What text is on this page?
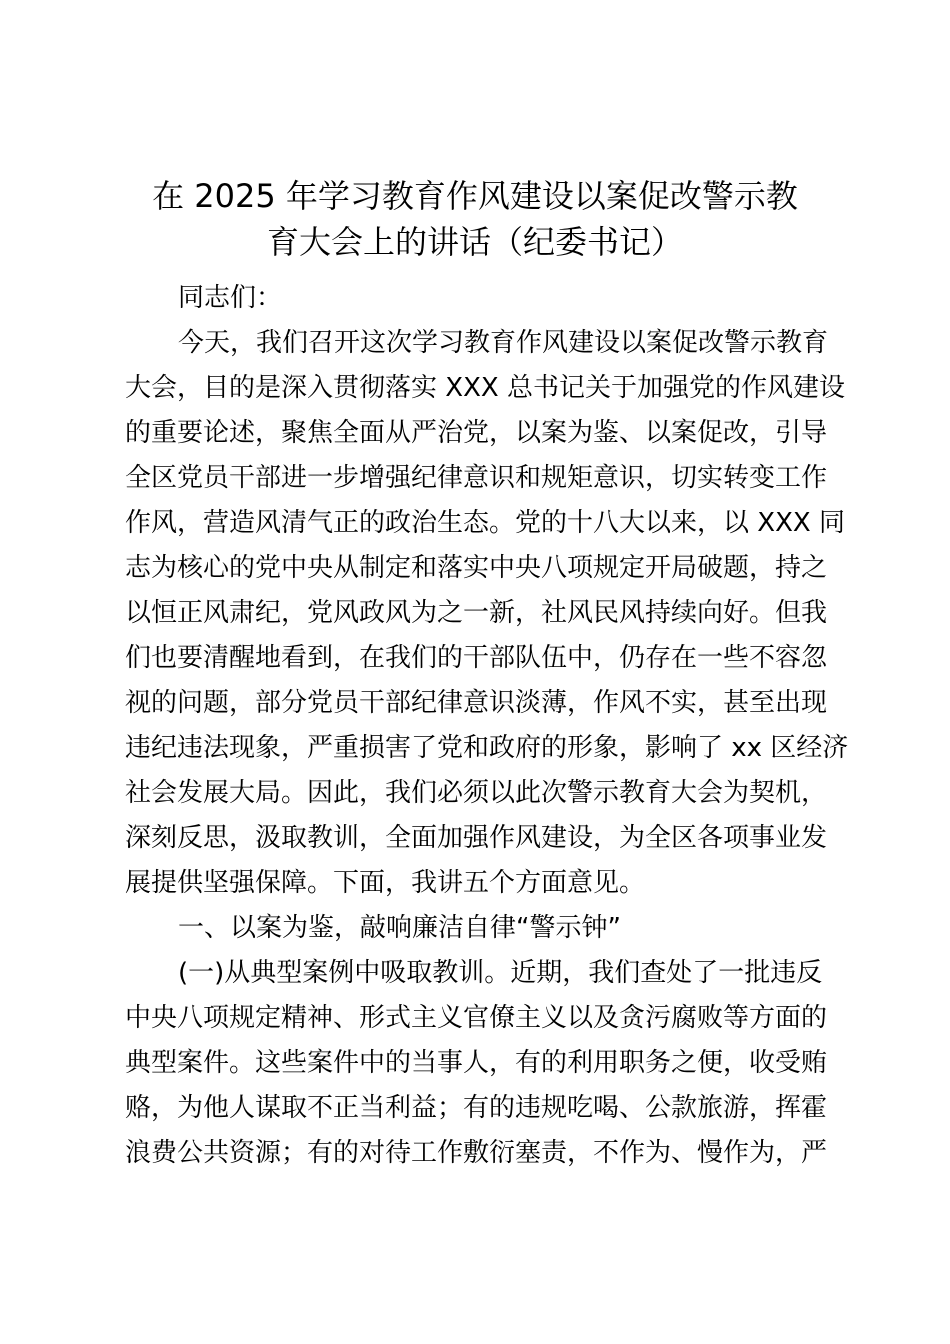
在 2025 年学习教育作风建设以案促改警示教
育大会上的讲话（纪委书记）
同志们：
今天，我们召开这次学习教育作风建设以案促改警示教育
大会，目的是深入贯彻落实 XXX 总书记关于加强党的作风建设
的重要论述，聚焦全面从严治党，以案为鉴、以案促改，引导
全区党员干部进一步增强纪律意识和规矩意识，切实转变工作
作风，营造风清气正的政治生态。党的十八大以来，以 XXX 同
志为核心的党中央从制定和落实中央八项规定开局破题，持之
以恒正风肃纪，党风政风为之一新，社风民风持续向好。但我
们也要清醒地看到，在我们的干部队伍中，仍存在一些不容忽
视的问题，部分党员干部纪律意识淡薄，作风不实，甚至出现
违纪违法现象，严重损害了党和政府的形象，影响了 xx 区经济
社会发展大局。因此，我们必须以此次警示教育大会为契机，
深刻反思，汲取教训，全面加强作风建设，为全区各项事业发
展提供坚强保障。下面，我讲五个方面意见。
一、以案为鉴，敲响廉洁自律“警示钟”
(一)从典型案例中吸取教训。近期，我们查处了一批违反
中央八项规定精神、形式主义官僚主义以及贪污腐败等方面的
典型案件。这些案件中的当事人，有的利用职务之便，收受贿
赂，为他人谋取不正当利益；有的违规吃喝、公款旅游，挥霍
浪费公共资源；有的对待工作敷衍塞责，不作为、慢作为，严
